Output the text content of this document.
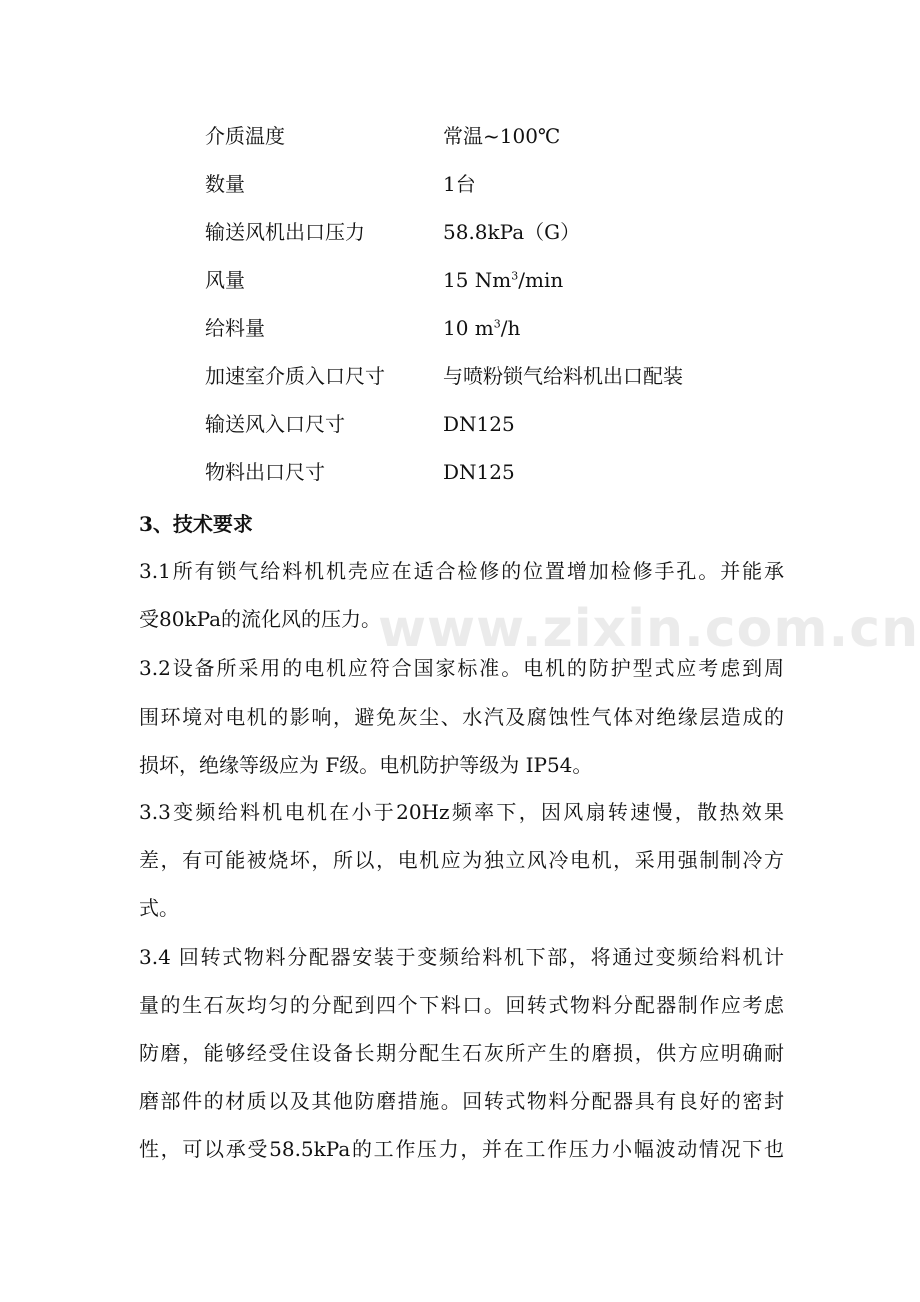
介质温度	常温~100℃
数量	1台
输送风机出口压力	58.8kPa（G）
风量	15 Nm$^3$/min
给料量	10 $m^3/h$
加速室介质入口尺寸	与喷粉锁气给料机出口配装
输送风入口尺寸	DN125
物料出口尺寸	DN125
3、技术要求
3.1所有锁气给料机机壳应在适合检修的位置增加检修手孔。并能承
受80kPa的流化风的压力。
3.2设备所采用的电机应符合国家标准。电机的防护型式应考虑到周
围环境对电机的影响，避免灰尘、水汽及腐蚀性气体对绝缘层造成的
损坏，绝缘等级应为 F级。电机防护等级为 IP54。
3.3变频给料机电机在小于20Hz频率下，因风扇转速慢，散热效果
差，有可能被烧坏，所以，电机应为独立风冷电机，采用强制制冷方
式。
3.4 回转式物料分配器安装于变频给料机下部，将通过变频给料机计
量的生石灰均匀的分配到四个下料口。回转式物料分配器制作应考虑
防磨，能够经受住设备长期分配生石灰所产生的磨损，供方应明确耐
磨部件的材质以及其他防磨措施。回转式物料分配器具有良好的密封
性，可以承受58.5kPa的工作压力，并在工作压力小幅波动情况下也
www.zixin.com.cn
